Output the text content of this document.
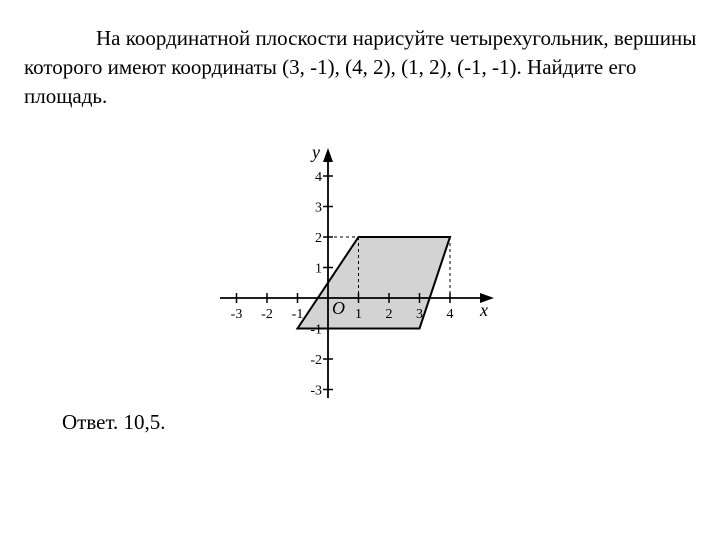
На координатной плоскости нарисуйте четырехугольник, вершины которого имеют координаты (3, -1), (4, 2), (1, 2), (-1, -1). Найдите его площадь.
-3 -2 -1	1 2 3 4
4
3
2
1
-1
-2
-3
x
y
O
Ответ. 10,5.
